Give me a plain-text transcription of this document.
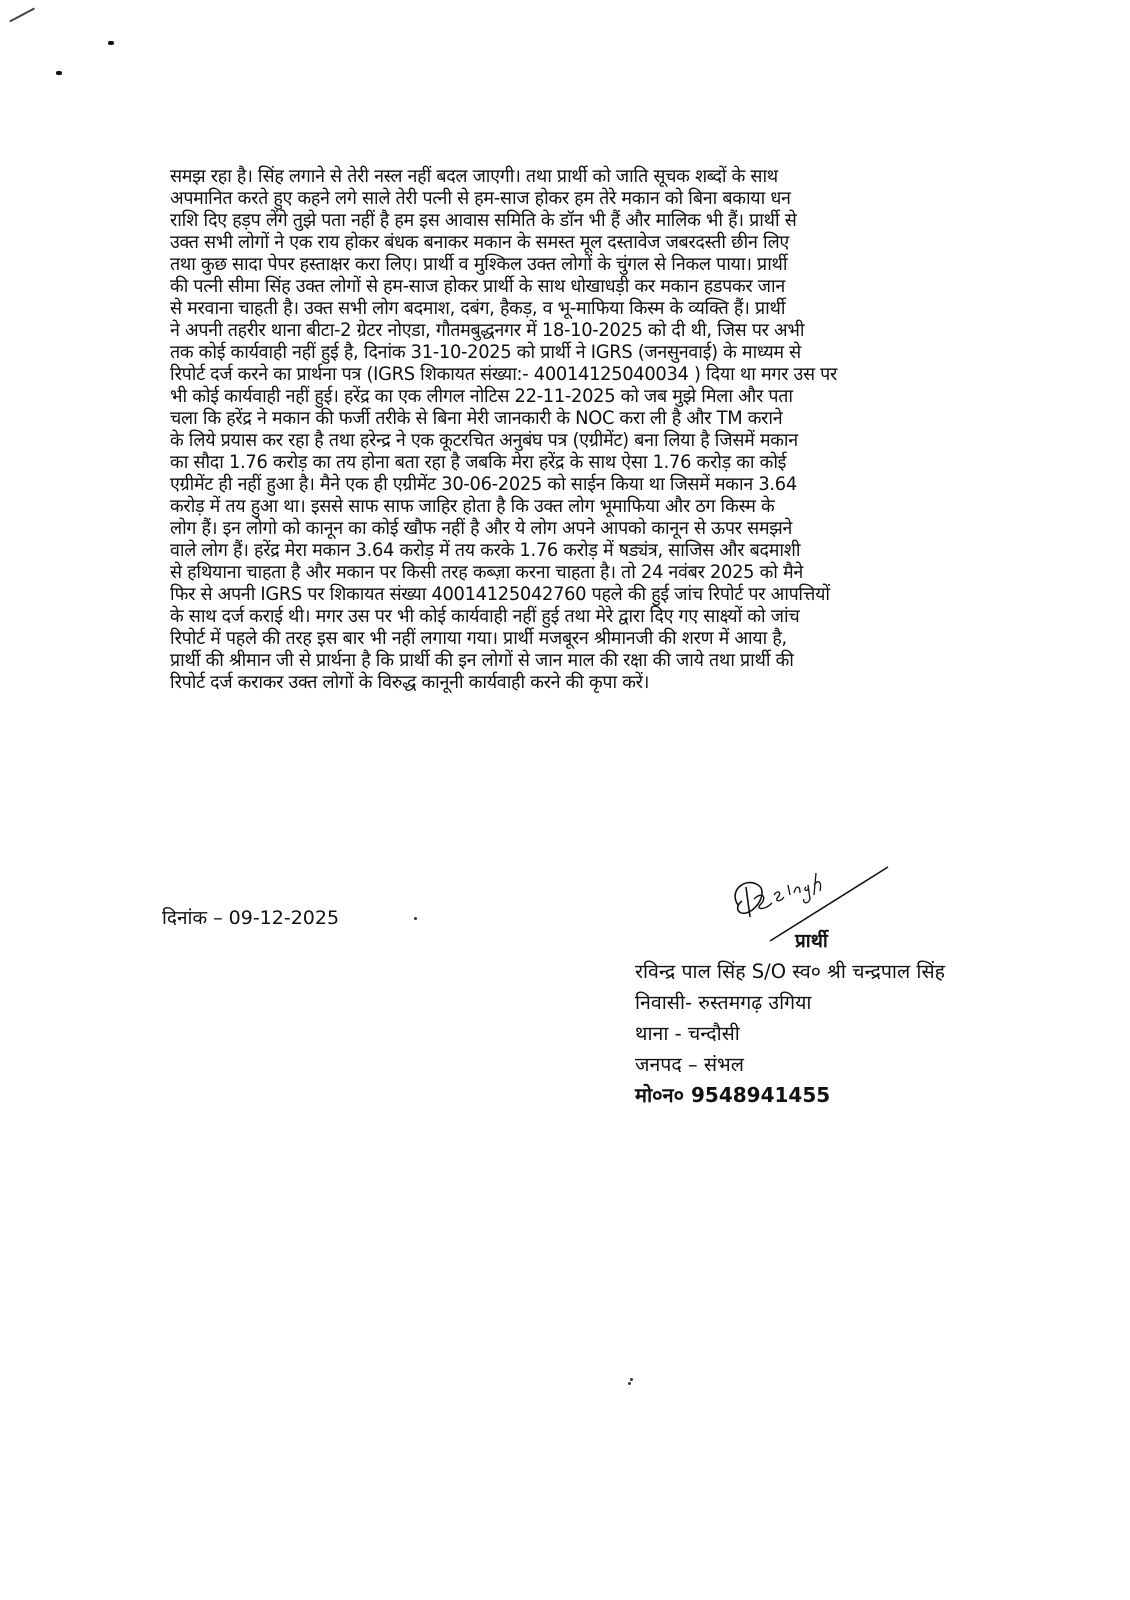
समझ रहा है। सिंह लगाने से तेरी नस्ल नहीं बदल जाएगी। तथा प्रार्थी को जाति सूचक शब्दों के साथ
अपमानित करते हुए कहने लगे साले तेरी पत्नी से हम-साज होकर हम तेरे मकान को बिना बकाया धन
राशि दिए हड़प लेंगे तुझे पता नहीं है हम इस आवास समिति के डॉन भी हैं और मालिक भी हैं। प्रार्थी से
उक्त सभी लोगों ने एक राय होकर बंधक बनाकर मकान के समस्त मूल दस्तावेज जबरदस्ती छीन लिए
तथा कुछ सादा पेपर हस्ताक्षर करा लिए। प्रार्थी व मुश्किल उक्त लोगों के चुंगल से निकल पाया। प्रार्थी
की पत्नी सीमा सिंह उक्त लोगों से हम-साज होकर प्रार्थी के साथ धोखाधड़ी कर मकान हडपकर जान
से मरवाना चाहती है। उक्त सभी लोग बदमाश, दबंग, हैकड़, व भू-माफिया किस्म के व्यक्ति हैं। प्रार्थी
ने अपनी तहरीर थाना बीटा-2 ग्रेटर नोएडा, गौतमबुद्धनगर में 18-10-2025 को दी थी, जिस पर अभी
तक कोई कार्यवाही नहीं हुई है, दिनांक 31-10-2025 को प्रार्थी ने IGRS (जनसुनवाई) के माध्यम से
रिपोर्ट दर्ज करने का प्रार्थना पत्र (IGRS शिकायत संख्या:- 40014125040034 ) दिया था मगर उस पर
भी कोई कार्यवाही नहीं हुई। हरेंद्र का एक लीगल नोटिस 22-11-2025 को जब मुझे मिला और पता
चला कि हरेंद्र ने मकान की फर्जी तरीके से बिना मेरी जानकारी के NOC करा ली है और TM कराने
के लिये प्रयास कर रहा है तथा हरेन्द्र ने एक कूटरचित अनुबंघ पत्र (एग्रीमेंट) बना लिया है जिसमें मकान
का सौदा 1.76 करोड़ का तय होना बता रहा है जबकि मेरा हरेंद्र के साथ ऐसा 1.76 करोड़ का कोई
एग्रीमेंट ही नहीं हुआ है। मैने एक ही एग्रीमेंट 30-06-2025 को साईन किया था जिसमें मकान 3.64
करोड़ में तय हुआ था। इससे साफ साफ जाहिर होता है कि उक्त लोग भूमाफिया और ठग किस्म के
लोग हैं। इन लोगो को कानून का कोई खौफ नहीं है और ये लोग अपने आपको कानून से ऊपर समझने
वाले लोग हैं। हरेंद्र मेरा मकान 3.64 करोड़ में तय करके 1.76 करोड़ में षड्यंत्र, साजिस और बदमाशी
से हथियाना चाहता है और मकान पर किसी तरह कब्ज़ा करना चाहता है। तो 24 नवंबर 2025 को मैने
फिर से अपनी IGRS पर शिकायत संख्या 40014125042760 पहले की हुई जांच रिपोर्ट पर आपत्तियों
के साथ दर्ज कराई थी। मगर उस पर भी कोई कार्यवाही नहीं हुई तथा मेरे द्वारा दिए गए साक्ष्यों को जांच
रिपोर्ट में पहले की तरह इस बार भी नहीं लगाया गया। प्रार्थी मजबूरन श्रीमानजी की शरण में आया है,
प्रार्थी की श्रीमान जी से प्रार्थना है कि प्रार्थी की इन लोगों से जान माल की रक्षा की जाये तथा प्रार्थी की
रिपोर्ट दर्ज कराकर उक्त लोगों के विरुद्ध कानूनी कार्यवाही करने की कृपा करें।
दिनांक – 09-12-2025
प्रार्थी
रविन्द्र पाल सिंह S/O स्व० श्री चन्द्रपाल सिंह
निवासी- रुस्तमगढ़ उगिया
थाना - चन्दौसी
जनपद – संभल
मो०न० 9548941455
